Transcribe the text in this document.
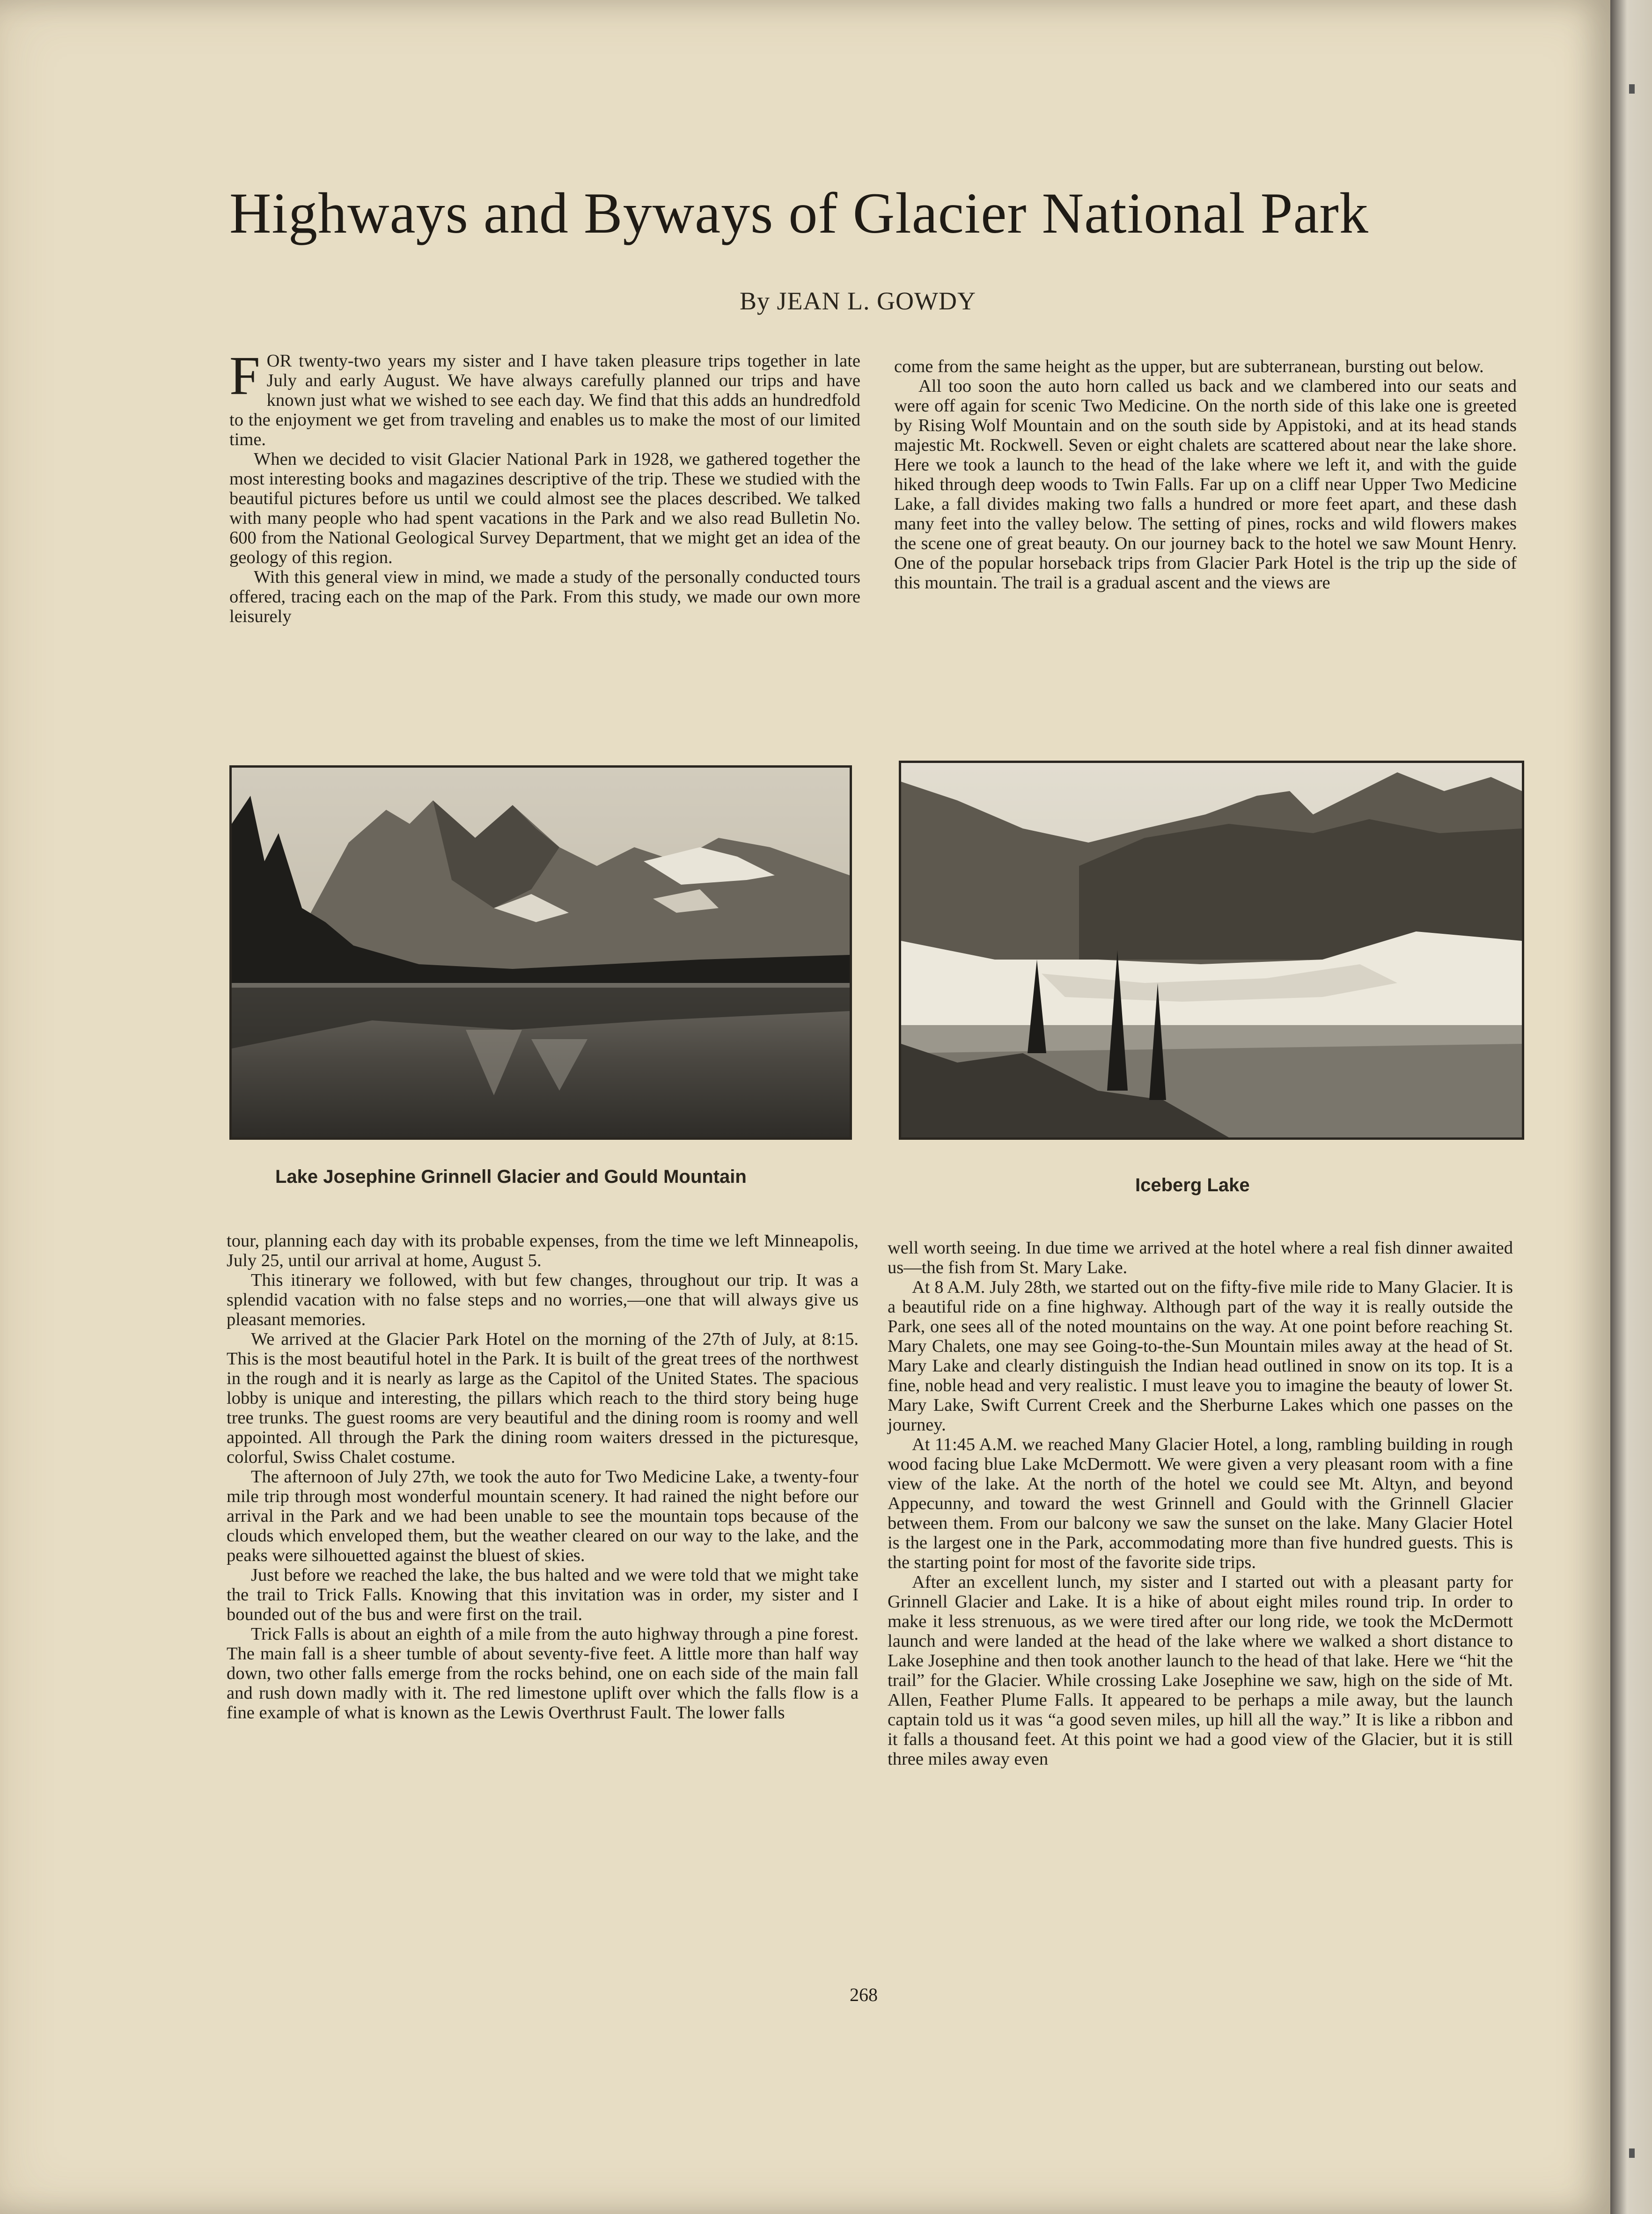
Highways and Byways of Glacier National Park
By JEAN L. GOWDY

F OR twenty-two years my sister and I have taken pleasure trips together in late July and early August. We have always carefully planned our trips and have known just what we wished to see each day. We find that this adds an hundredfold to the enjoyment we get from traveling and enables us to make the most of our limited time.

When we decided to visit Glacier National Park in 1928, we gathered together the most interesting books and magazines descriptive of the trip. These we studied with the beautiful pictures before us until we could almost see the places described. We talked with many people who had spent vacations in the Park and we also read Bulletin No. 600 from the National Geological Survey Department, that we might get an idea of the geology of this region.

With this general view in mind, we made a study of the personally conducted tours offered, tracing each on the map of the Park. From this study, we made our own more leisurely

come from the same height as the upper, but are subterranean, bursting out below.

All too soon the auto horn called us back and we clambered into our seats and were off again for scenic Two Medicine. On the north side of this lake one is greeted by Rising Wolf Mountain and on the south side by Appistoki, and at its head stands majestic Mt. Rockwell. Seven or eight chalets are scattered about near the lake shore. Here we took a launch to the head of the lake where we left it, and with the guide hiked through deep woods to Twin Falls. Far up on a cliff near Upper Two Medicine Lake, a fall divides making two falls a hundred or more feet apart, and these dash many feet into the valley below. The setting of pines, rocks and wild flowers makes the scene one of great beauty. On our journey back to the hotel we saw Mount Henry. One of the popular horseback trips from Glacier Park Hotel is the trip up the side of this mountain. The trail is a gradual ascent and the views are

Lake Josephine Grinnell Glacier and Gould Mountain	Iceberg Lake

tour, planning each day with its probable expenses, from the time we left Minneapolis, July 25, until our arrival at home, August 5.

This itinerary we followed, with but few changes, throughout our trip. It was a splendid vacation with no false steps and no worries,—one that will always give us pleasant memories.

We arrived at the Glacier Park Hotel on the morning of the 27th of July, at 8:15. This is the most beautiful hotel in the Park. It is built of the great trees of the northwest in the rough and it is nearly as large as the Capitol of the United States. The spacious lobby is unique and interesting, the pillars which reach to the third story being huge tree trunks. The guest rooms are very beautiful and the dining room is roomy and well appointed. All through the Park the dining room waiters dressed in the picturesque, colorful, Swiss Chalet costume.

The afternoon of July 27th, we took the auto for Two Medicine Lake, a twenty-four mile trip through most wonderful mountain scenery. It had rained the night before our arrival in the Park and we had been unable to see the mountain tops because of the clouds which enveloped them, but the weather cleared on our way to the lake, and the peaks were silhouetted against the bluest of skies.

Just before we reached the lake, the bus halted and we were told that we might take the trail to Trick Falls. Knowing that this invitation was in order, my sister and I bounded out of the bus and were first on the trail.

Trick Falls is about an eighth of a mile from the auto highway through a pine forest. The main fall is a sheer tumble of about seventy-five feet. A little more than half way down, two other falls emerge from the rocks behind, one on each side of the main fall and rush down madly with it. The red limestone uplift over which the falls flow is a fine example of what is known as the Lewis Overthrust Fault. The lower falls

well worth seeing. In due time we arrived at the hotel where a real fish dinner awaited us—the fish from St. Mary Lake.

At 8 A.M. July 28th, we started out on the fifty-five mile ride to Many Glacier. It is a beautiful ride on a fine highway. Although part of the way it is really outside the Park, one sees all of the noted mountains on the way. At one point before reaching St. Mary Chalets, one may see Going-to-the-Sun Mountain miles away at the head of St. Mary Lake and clearly distinguish the Indian head outlined in snow on its top. It is a fine, noble head and very realistic. I must leave you to imagine the beauty of lower St. Mary Lake, Swift Current Creek and the Sherburne Lakes which one passes on the journey.

At 11:45 A.M. we reached Many Glacier Hotel, a long, rambling building in rough wood facing blue Lake McDermott. We were given a very pleasant room with a fine view of the lake. At the north of the hotel we could see Mt. Altyn, and beyond Appecunny, and toward the west Grinnell and Gould with the Grinnell Glacier between them. From our balcony we saw the sunset on the lake. Many Glacier Hotel is the largest one in the Park, accommodating more than five hundred guests. This is the starting point for most of the favorite side trips.

After an excellent lunch, my sister and I started out with a pleasant party for Grinnell Glacier and Lake. It is a hike of about eight miles round trip. In order to make it less strenuous, as we were tired after our long ride, we took the McDermott launch and were landed at the head of the lake where we walked a short distance to Lake Josephine and then took another launch to the head of that lake. Here we “hit the trail” for the Glacier. While crossing Lake Josephine we saw, high on the side of Mt. Allen, Feather Plume Falls. It appeared to be perhaps a mile away, but the launch captain told us it was “a good seven miles, up hill all the way.” It is like a ribbon and it falls a thousand feet. At this point we had a good view of the Glacier, but it is still three miles away even

268
